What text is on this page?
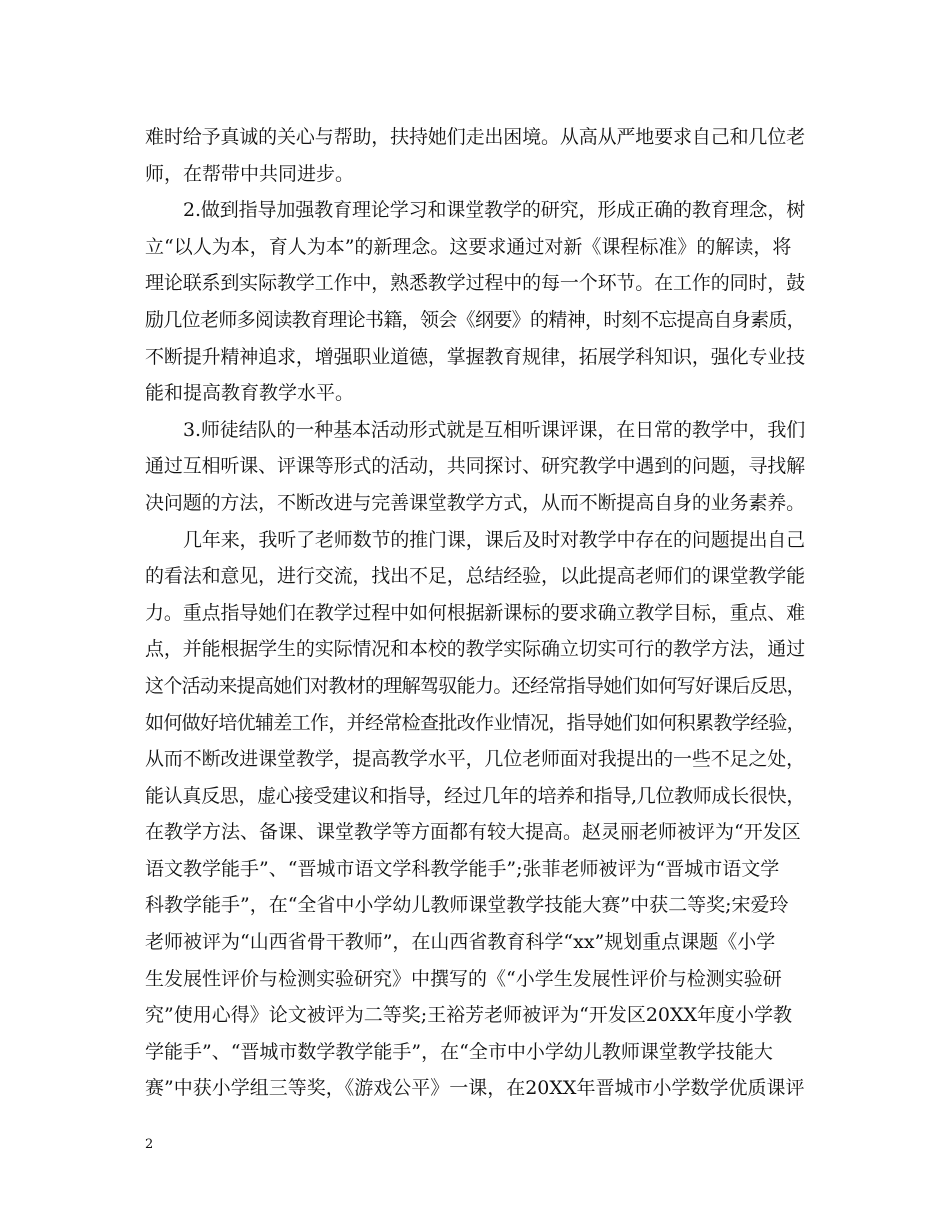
难时给予真诚的关心与帮助，扶持她们走出困境。从高从严地要求自己和几位老
师，在帮带中共同进步。
2.做到指导加强教育理论学习和课堂教学的研究，形成正确的教育理念，树
立“以人为本，育人为本”的新理念。这要求通过对新《课程标准》的解读，将
理论联系到实际教学工作中，熟悉教学过程中的每一个环节。在工作的同时，鼓
励几位老师多阅读教育理论书籍，领会《纲要》的精神，时刻不忘提高自身素质，
不断提升精神追求，增强职业道德，掌握教育规律，拓展学科知识，强化专业技
能和提高教育教学水平。
3.师徒结队的一种基本活动形式就是互相听课评课，在日常的教学中，我们
通过互相听课、评课等形式的活动，共同探讨、研究教学中遇到的问题，寻找解
决问题的方法，不断改进与完善课堂教学方式，从而不断提高自身的业务素养。
几年来，我听了老师数节的推门课，课后及时对教学中存在的问题提出自己
的看法和意见，进行交流，找出不足，总结经验，以此提高老师们的课堂教学能
力。重点指导她们在教学过程中如何根据新课标的要求确立教学目标，重点、难
点，并能根据学生的实际情况和本校的教学实际确立切实可行的教学方法，通过
这个活动来提高她们对教材的理解驾驭能力。还经常指导她们如何写好课后反思，
如何做好培优辅差工作，并经常检查批改作业情况，指导她们如何积累教学经验，
从而不断改进课堂教学，提高教学水平，几位老师面对我提出的一些不足之处，
能认真反思，虚心接受建议和指导，经过几年的培养和指导,几位教师成长很快，
在教学方法、备课、课堂教学等方面都有较大提高。赵灵丽老师被评为“开发区
语文教学能手”、“晋城市语文学科教学能手”;张菲老师被评为“晋城市语文学
科教学能手”，在“全省中小学幼儿教师课堂教学技能大赛”中获二等奖;宋爱玲
老师被评为“山西省骨干教师”，在山西省教育科学“xx”规划重点课题《小学
生发展性评价与检测实验研究》中撰写的《“小学生发展性评价与检测实验研
究”使用心得》论文被评为二等奖;王裕芳老师被评为“开发区20XX年度小学教
学能手”、“晋城市数学教学能手”，在“全市中小学幼儿教师课堂教学技能大
赛”中获小学组三等奖，《游戏公平》一课，在20XX年晋城市小学数学优质课评
2
